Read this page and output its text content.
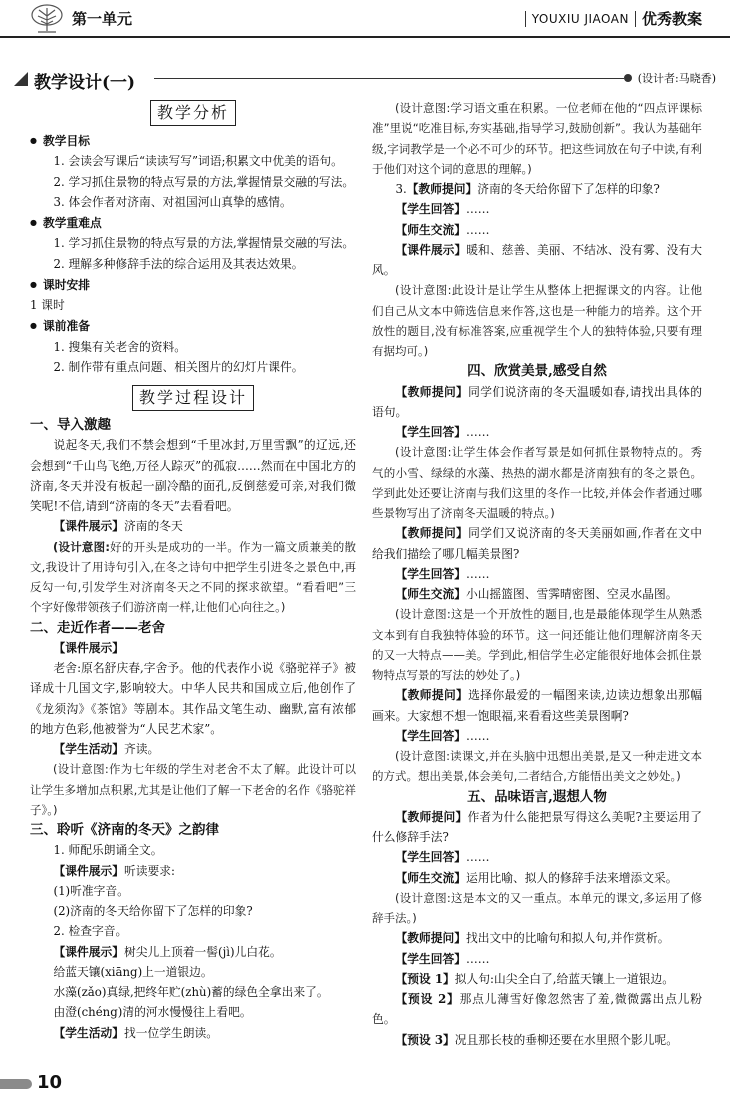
第一单元	YOUXIU JIAOAN 优秀教案
教学设计(一)	(设计者:马晓香)
教学分析

● 教学目标

1. 会读会写课后“读读写写”词语;积累文中优美的语句。

2. 学习抓住景物的特点写景的方法,掌握情景交融的写法。

3. 体会作者对济南、对祖国河山真挚的感情。

● 教学重难点

1. 学习抓住景物的特点写景的方法,掌握情景交融的写法。

2. 理解多种修辞手法的综合运用及其表达效果。

● 课时安排

1 课时

● 课前准备

1. 搜集有关老舍的资料。

2. 制作带有重点问题、相关图片的幻灯片课件。

教学过程设计

一、导入激趣

说起冬天,我们不禁会想到“千里冰封,万里雪飘”的辽远,还会想到“千山鸟飞绝,万径人踪灭”的孤寂……然而在中国北方的济南,冬天并没有板起一副冷酷的面孔,反倒慈爱可亲,对我们微笑呢!不信,请到“济南的冬天”去看看吧。

【课件展示】济南的冬天

(设计意图:好的开头是成功的一半。作为一篇文质兼美的散文,我设计了用诗句引入,在冬之诗句中把学生引进冬之景色中,再反勾一句,引发学生对济南冬天之不同的探求欲望。“看看吧”三个字好像带领孩子们游济南一样,让他们心向往之。)

二、走近作者——老舍

【课件展示】

老舍:原名舒庆春,字舍予。他的代表作小说《骆驼祥子》被译成十几国文字,影响较大。中华人民共和国成立后,他创作了《龙须沟》《茶馆》等剧本。其作品文笔生动、幽默,富有浓郁的地方色彩,他被誉为“人民艺术家”。

【学生活动】齐读。

(设计意图:作为七年级的学生对老舍不太了解。此设计可以让学生多增加点积累,尤其是让他们了解一下老舍的名作《骆驼祥子》。)

三、聆听《济南的冬天》之韵律

1. 师配乐朗诵全文。

【课件展示】听读要求:

(1)听准字音。

(2)济南的冬天给你留下了怎样的印象?

2. 检查字音。

【课件展示】树尖儿上顶着一髻(jì)儿白花。

给蓝天镶(xiāng)上一道银边。

水藻(zǎo)真绿,把终年贮(zhù)蓄的绿色全拿出来了。

由澄(chéng)清的河水慢慢往上看吧。

【学生活动】找一位学生朗读。

(设计意图:学习语文重在积累。一位老师在他的“四点评课标准”里说“吃准目标,夯实基础,指导学习,鼓励创新”。我认为基础年级,字词教学是一个必不可少的环节。把这些词放在句子中读,有利于他们对这个词的意思的理解。)

3.【教师提问】济南的冬天给你留下了怎样的印象?

【学生回答】……

【师生交流】……

【课件展示】暖和、慈善、美丽、不结冰、没有雾、没有大风。

(设计意图:此设计是让学生从整体上把握课文的内容。让他们自己从文本中筛选信息来作答,这也是一种能力的培养。这个开放性的题目,没有标准答案,应重视学生个人的独特体验,只要有理有据均可。)

四、欣赏美景,感受自然

【教师提问】同学们说济南的冬天温暖如春,请找出具体的语句。

【学生回答】……

(设计意图:让学生体会作者写景是如何抓住景物特点的。秀气的小雪、绿绿的水藻、热热的湖水都是济南独有的冬之景色。学到此处还要让济南与我们这里的冬作一比较,并体会作者通过哪些景物写出了济南冬天温暖的特点。)

【教师提问】同学们又说济南的冬天美丽如画,作者在文中给我们描绘了哪几幅美景图?

【学生回答】……

【师生交流】小山摇篮图、雪霁晴密图、空灵水晶图。

(设计意图:这是一个开放性的题目,也是最能体现学生从熟悉文本到有自我独特体验的环节。这一问还能让他们理解济南冬天的又一大特点——美。学到此,相信学生必定能很好地体会抓住景物特点写景的写法的妙处了。)

【教师提问】选择你最爱的一幅图来读,边读边想象出那幅画来。大家想不想一饱眼福,来看看这些美景图啊?

【学生回答】……

(设计意图:读课文,并在头脑中迅想出美景,是又一种走进文本的方式。想出美景,体会美句,二者结合,方能悟出美文之妙处。)

五、品味语言,遐想人物

【教师提问】作者为什么能把景写得这么美呢?主要运用了什么修辞手法?

【学生回答】……

【师生交流】运用比喻、拟人的修辞手法来增添文采。

(设计意图:这是本文的又一重点。本单元的课文,多运用了修辞手法。)

【教师提问】找出文中的比喻句和拟人句,并作赏析。

【学生回答】……

【预设 1】拟人句:山尖全白了,给蓝天镶上一道银边。

【预设 2】那点儿薄雪好像忽然害了羞,微微露出点儿粉色。

【预设 3】况且那长枝的垂柳还要在水里照个影儿呢。

10
